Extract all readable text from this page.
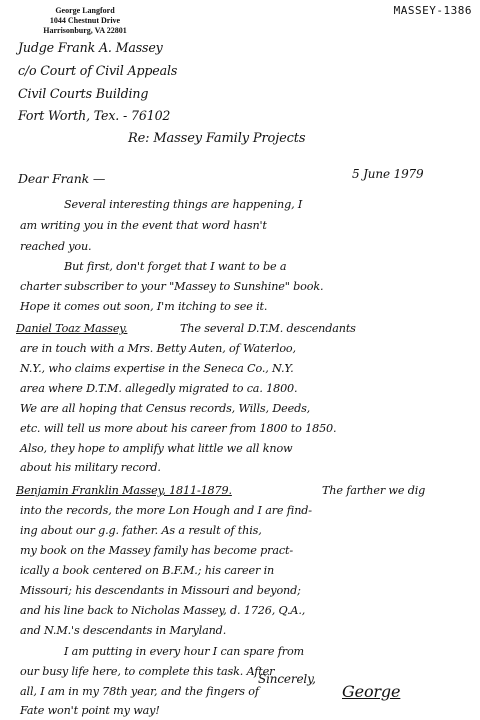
George Langford
1044 Chestnut Drive
Harrisonburg, VA 22801
MASSEY-1386
Judge Frank A. Massey
c/o Court of Civil Appeals
Civil Courts Building
Fort Worth, Tex. - 76102
Re: Massey Family Projects
5 June 1979
Dear Frank —
Several interesting things are happening, I
am writing you in the event that word hasn't
reached you.
But first, don't forget that I want to be a
charter subscriber to your "Massey to Sunshine" book.
Hope it comes out soon, I'm itching to see it.
Daniel Toaz Massey.	The several D.T.M. descendants
are in touch with a Mrs. Betty Auten, of Waterloo,
N.Y., who claims expertise in the Seneca Co., N.Y.
area where D.T.M. allegedly migrated to ca. 1800.
We are all hoping that Census records, Wills, Deeds,
etc. will tell us more about his career from 1800 to 1850.
Also, they hope to amplify what little we all know
about his military record.
Benjamin Franklin Massey, 1811-1879.	The farther we dig
into the records, the more Lon Hough and I are find-
ing about our g.g. father. As a result of this,
my book on the Massey family has become pract-
ically a book centered on B.F.M.; his career in
Missouri; his descendants in Missouri and beyond;
and his line back to Nicholas Massey, d. 1726, Q.A.,
and N.M.'s descendants in Maryland.
I am putting in every hour I can spare from
our busy life here, to complete this task. After
all, I am in my 78th year, and the fingers of
Fate won't point my way!
Sincerely,
George
